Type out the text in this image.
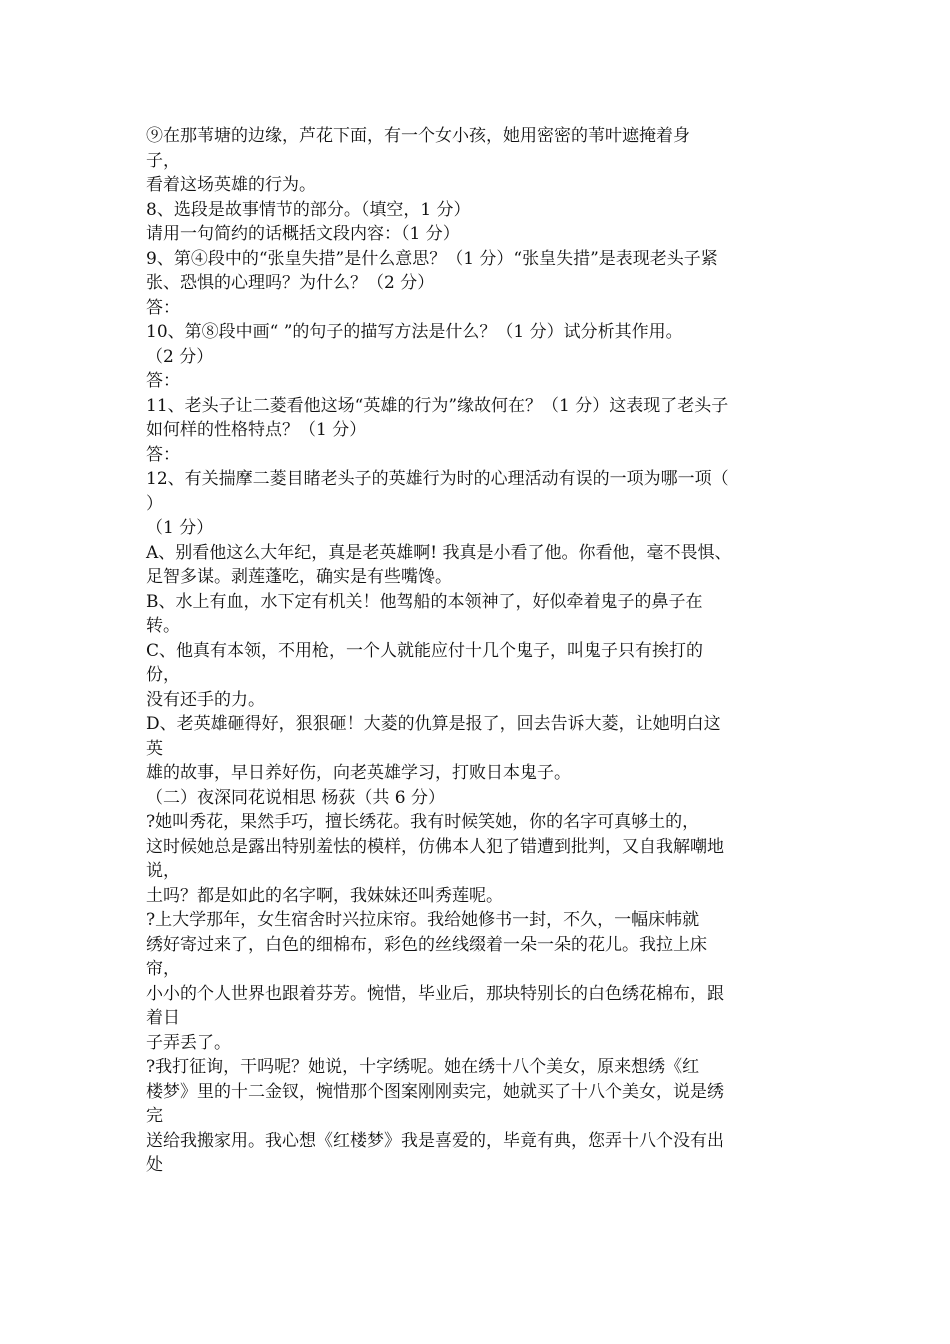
⑨在那苇塘的边缘，芦花下面，有一个女小孩，她用密密的苇叶遮掩着身
子，
看着这场英雄的行为。
8、选段是故事情节的部分。（填空，1 分）
请用一句简约的话概括文段内容：（1 分）
9、第④段中的“张皇失措”是什么意思？（1 分）“张皇失措”是表现老头子紧
张、恐惧的心理吗？为什么？（2 分）
答：
10、第⑧段中画“ ”的句子的描写方法是什么？（1 分）试分析其作用。
（2 分）
答：
11、老头子让二菱看他这场“英雄的行为”缘故何在？（1 分）这表现了老头子
如何样的性格特点？（1 分）
答：
12、有关揣摩二菱目睹老头子的英雄行为时的心理活动有误的一项为哪一项（
）
（1 分）
A、别看他这么大年纪，真是老英雄啊! 我真是小看了他。你看他，毫不畏惧、
足智多谋。剥莲蓬吃，确实是有些嘴馋。
B、水上有血，水下定有机关！他驾船的本领神了，好似牵着鬼子的鼻子在
转。
C、他真有本领，不用枪，一个人就能应付十几个鬼子，叫鬼子只有挨打的
份，
没有还手的力。
D、老英雄砸得好，狠狠砸！大菱的仇算是报了，回去告诉大菱，让她明白这
英
雄的故事，早日养好伤，向老英雄学习，打败日本鬼子。
（二）夜深同花说相思 杨荻（共 6 分）
?她叫秀花，果然手巧，擅长绣花。我有时候笑她，你的名字可真够土的，
这时候她总是露出特别羞怯的模样，仿佛本人犯了错遭到批判，又自我解嘲地
说，
土吗？都是如此的名字啊，我妹妹还叫秀莲呢。
?上大学那年，女生宿舍时兴拉床帘。我给她修书一封，不久，一幅床帏就
绣好寄过来了，白色的细棉布，彩色的丝线缀着一朵一朵的花儿。我拉上床
帘，
小小的个人世界也跟着芬芳。惋惜，毕业后，那块特别长的白色绣花棉布，跟
着日
子弄丢了。
?我打征询，干吗呢？她说，十字绣呢。她在绣十八个美女，原来想绣《红
楼梦》里的十二金钗，惋惜那个图案刚刚卖完，她就买了十八个美女，说是绣
完
送给我搬家用。我心想《红楼梦》我是喜爱的，毕竟有典，您弄十八个没有出
处
